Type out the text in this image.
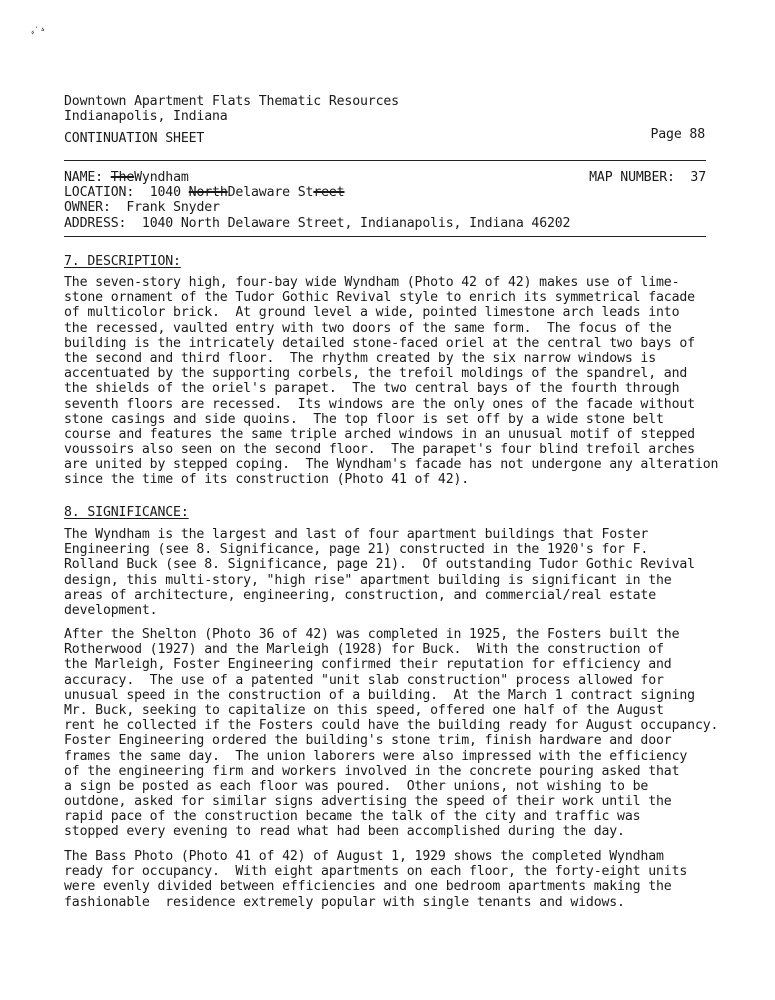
⸗ˊ₄
Downtown Apartment Flats Thematic Resources
Indianapolis, Indiana
CONTINUATION SHEET	Page 88
NAME: TheWyndham	MAP NUMBER: 37
LOCATION: 1040 NorthDelaware Street
OWNER: Frank Snyder
ADDRESS: 1040 North Delaware Street, Indianapolis, Indiana 46202
7. DESCRIPTION:
The seven-story high, four-bay wide Wyndham (Photo 42 of 42) makes use of lime-
stone ornament of the Tudor Gothic Revival style to enrich its symmetrical facade
of multicolor brick.  At ground level a wide, pointed limestone arch leads into
the recessed, vaulted entry with two doors of the same form.  The focus of the
building is the intricately detailed stone-faced oriel at the central two bays of
the second and third floor.  The rhythm created by the six narrow windows is
accentuated by the supporting corbels, the trefoil moldings of the spandrel, and
the shields of the oriel's parapet.  The two central bays of the fourth through
seventh floors are recessed.  Its windows are the only ones of the facade without
stone casings and side quoins.  The top floor is set off by a wide stone belt
course and features the same triple arched windows in an unusual motif of stepped
voussoirs also seen on the second floor.  The parapet's four blind trefoil arches
are united by stepped coping.  The Wyndham's facade has not undergone any alteration
since the time of its construction (Photo 41 of 42).
8. SIGNIFICANCE:
The Wyndham is the largest and last of four apartment buildings that Foster
Engineering (see 8. Significance, page 21) constructed in the 1920's for F.
Rolland Buck (see 8. Significance, page 21).  Of outstanding Tudor Gothic Revival
design, this multi-story, "high rise" apartment building is significant in the
areas of architecture, engineering, construction, and commercial/real estate
development.
After the Shelton (Photo 36 of 42) was completed in 1925, the Fosters built the
Rotherwood (1927) and the Marleigh (1928) for Buck.  With the construction of
the Marleigh, Foster Engineering confirmed their reputation for efficiency and
accuracy.  The use of a patented "unit slab construction" process allowed for
unusual speed in the construction of a building.  At the March 1 contract signing
Mr. Buck, seeking to capitalize on this speed, offered one half of the August
rent he collected if the Fosters could have the building ready for August occupancy.
Foster Engineering ordered the building's stone trim, finish hardware and door
frames the same day.  The union laborers were also impressed with the efficiency
of the engineering firm and workers involved in the concrete pouring asked that
a sign be posted as each floor was poured.  Other unions, not wishing to be
outdone, asked for similar signs advertising the speed of their work until the
rapid pace of the construction became the talk of the city and traffic was
stopped every evening to read what had been accomplished during the day.
The Bass Photo (Photo 41 of 42) of August 1, 1929 shows the completed Wyndham
ready for occupancy.  With eight apartments on each floor, the forty-eight units
were evenly divided between efficiencies and one bedroom apartments making the
fashionable  residence extremely popular with single tenants and widows.
